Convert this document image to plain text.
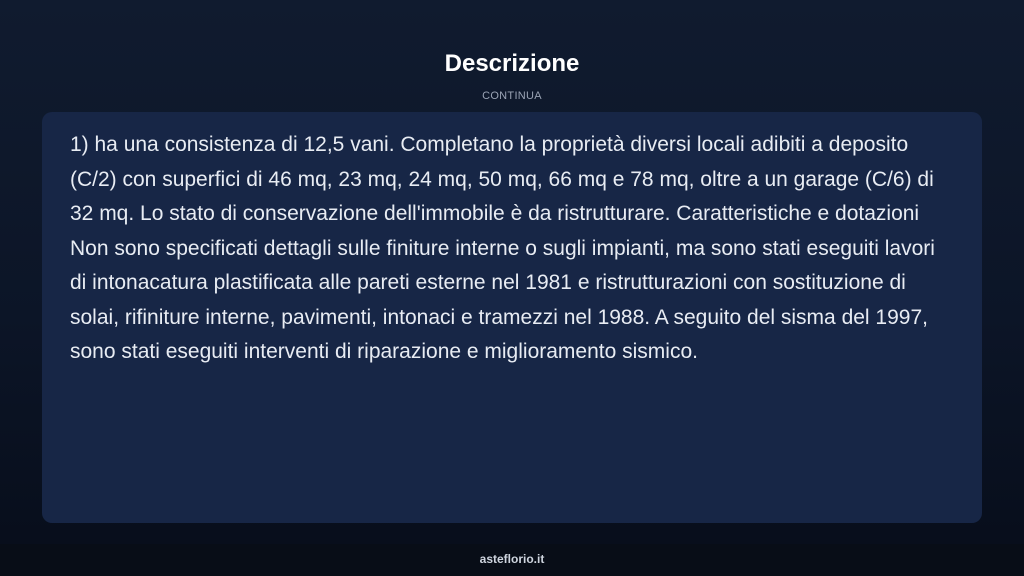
Descrizione
CONTINUA

1) ha una consistenza di 12,5 vani. Completano la proprietà diversi locali adibiti a deposito (C/2) con superfici di 46 mq, 23 mq, 24 mq, 50 mq, 66 mq e 78 mq, oltre a un garage (C/6) di 32 mq. Lo stato di conservazione dell'immobile è da ristrutturare. Caratteristiche e dotazioni Non sono specificati dettagli sulle finiture interne o sugli impianti, ma sono stati eseguiti lavori di intonacatura plastificata alle pareti esterne nel 1981 e ristrutturazioni con sostituzione di solai, rifiniture interne, pavimenti, intonaci e tramezzi nel 1988. A seguito del sisma del 1997, sono stati eseguiti interventi di riparazione e miglioramento sismico.

asteflorio.it
